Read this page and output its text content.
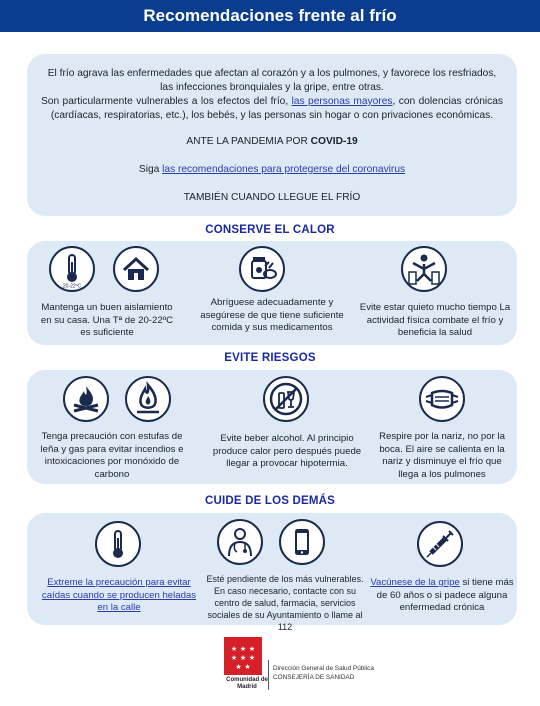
Recomendaciones frente al frío

El frío agrava las enfermedades que afectan al corazón y a los pulmones, y favorece los resfriados, las infecciones bronquiales y la gripe, entre otras.

Son particularmente vulnerables a los efectos del frío, las personas mayores, con dolencias crónicas (cardíacas, respiratorias, etc.), los bebés, y las personas sin hogar o con privaciones económicas.

ANTE LA PANDEMIA POR COVID-19

Siga las recomendaciones para protegerse del coronavirus

TAMBIÉN CUANDO LLEGUE EL FRÍO

CONSERVE EL CALOR
20-22ºC
Mantenga un buen aislamiento en su casa. Una Tª de 20-22ºC es suficiente
Abríguese adecuadamente y asegúrese de que tiene suficiente comida y sus medicamentos
Evite estar quieto mucho tiempo La actividad física combate el frío y beneficia la salud
EVITE RIESGOS
Tenga precaución con estufas de leña y gas para evitar incendios e intoxicaciones por monóxido de carbono
Evite beber alcohol. Al principio produce calor pero después puede llegar a provocar hipotermia.
Respire por la nariz, no por la boca. El aire se calienta en la nariz y disminuye el frío que llega a los pulmones
CUIDE DE LOS DEMÁS
Extreme la precaución para evitar caídas cuando se producen heladas en la calle
Esté pendiente de los más vulnerables. En caso necesario, contacte con su centro de salud, farmacia, servicios sociales de su Ayuntamiento o llame al 112
Vacúnese de la gripe si tiene más de 60 años o si padece alguna enfermedad crónica
★ ★ ★
★ ★ ★
★ ★
Comunidad de Madrid
Dirección General de Salud Pública
CONSEJERÍA DE SANIDAD
